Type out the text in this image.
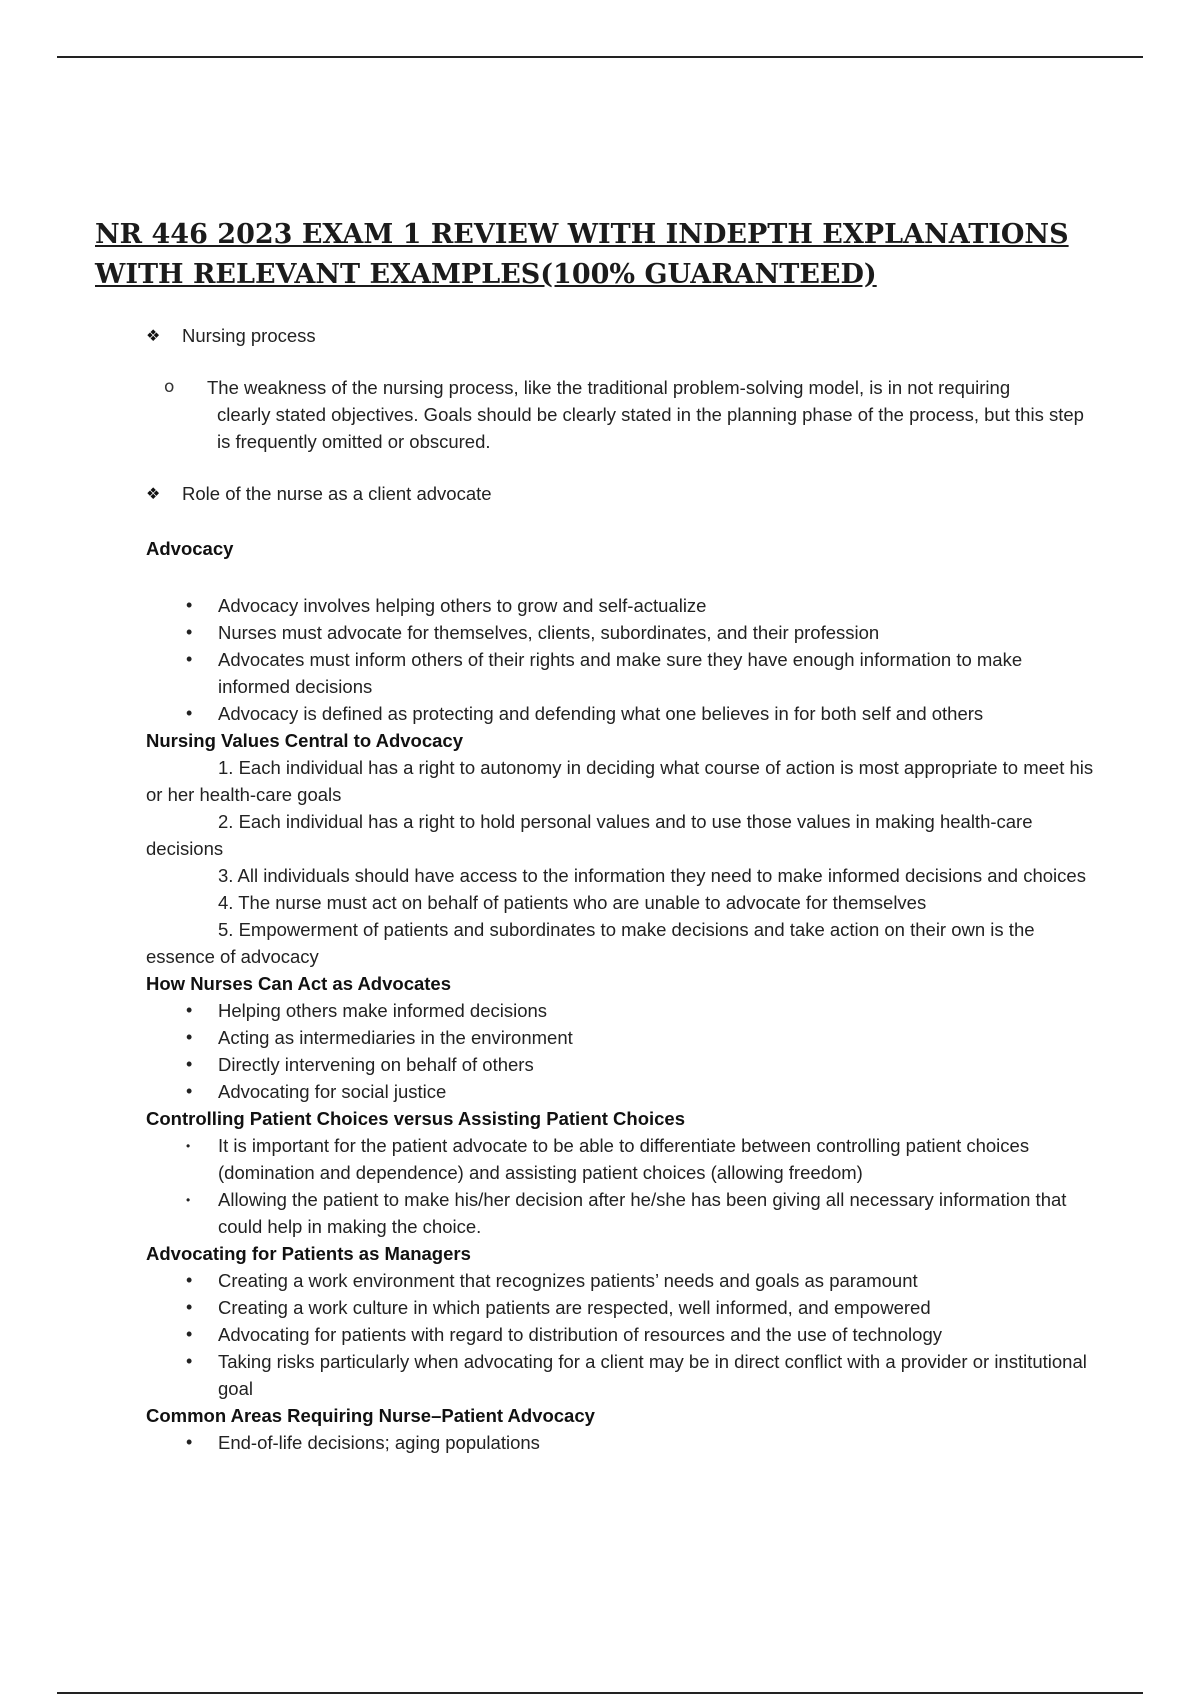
NR 446 2023 EXAM 1 REVIEW WITH INDEPTH EXPLANATIONS
WITH RELEVANT EXAMPLES(100% GUARANTEED)
❖ Nursing process
o The weakness of the nursing process, like the traditional problem-solving model, is in not requiring
clearly stated objectives. Goals should be clearly stated in the planning phase of the process, but this step is frequently omitted or obscured.
❖ Role of the nurse as a client advocate
Advocacy
• Advocacy involves helping others to grow and self-actualize
• Nurses must advocate for themselves, clients, subordinates, and their profession
• Advocates must inform others of their rights and make sure they have enough information to make informed decisions
• Advocacy is defined as protecting and defending what one believes in for both self and others
Nursing Values Central to Advocacy
1. Each individual has a right to autonomy in deciding what course of action is most appropriate to meet his or her health-care goals
2. Each individual has a right to hold personal values and to use those values in making health-care decisions
3. All individuals should have access to the information they need to make informed decisions and choices
4. The nurse must act on behalf of patients who are unable to advocate for themselves
5. Empowerment of patients and subordinates to make decisions and take action on their own is the essence of advocacy
How Nurses Can Act as Advocates
• Helping others make informed decisions
• Acting as intermediaries in the environment
• Directly intervening on behalf of others
• Advocating for social justice
Controlling Patient Choices versus Assisting Patient Choices
• It is important for the patient advocate to be able to differentiate between controlling patient choices (domination and dependence) and assisting patient choices (allowing freedom)
• Allowing the patient to make his/her decision after he/she has been giving all necessary information that could help in making the choice.
Advocating for Patients as Managers
• Creating a work environment that recognizes patients’ needs and goals as paramount
• Creating a work culture in which patients are respected, well informed, and empowered
• Advocating for patients with regard to distribution of resources and the use of technology
• Taking risks particularly when advocating for a client may be in direct conflict with a provider or institutional goal
Common Areas Requiring Nurse–Patient Advocacy
• End-of-life decisions; aging populations
